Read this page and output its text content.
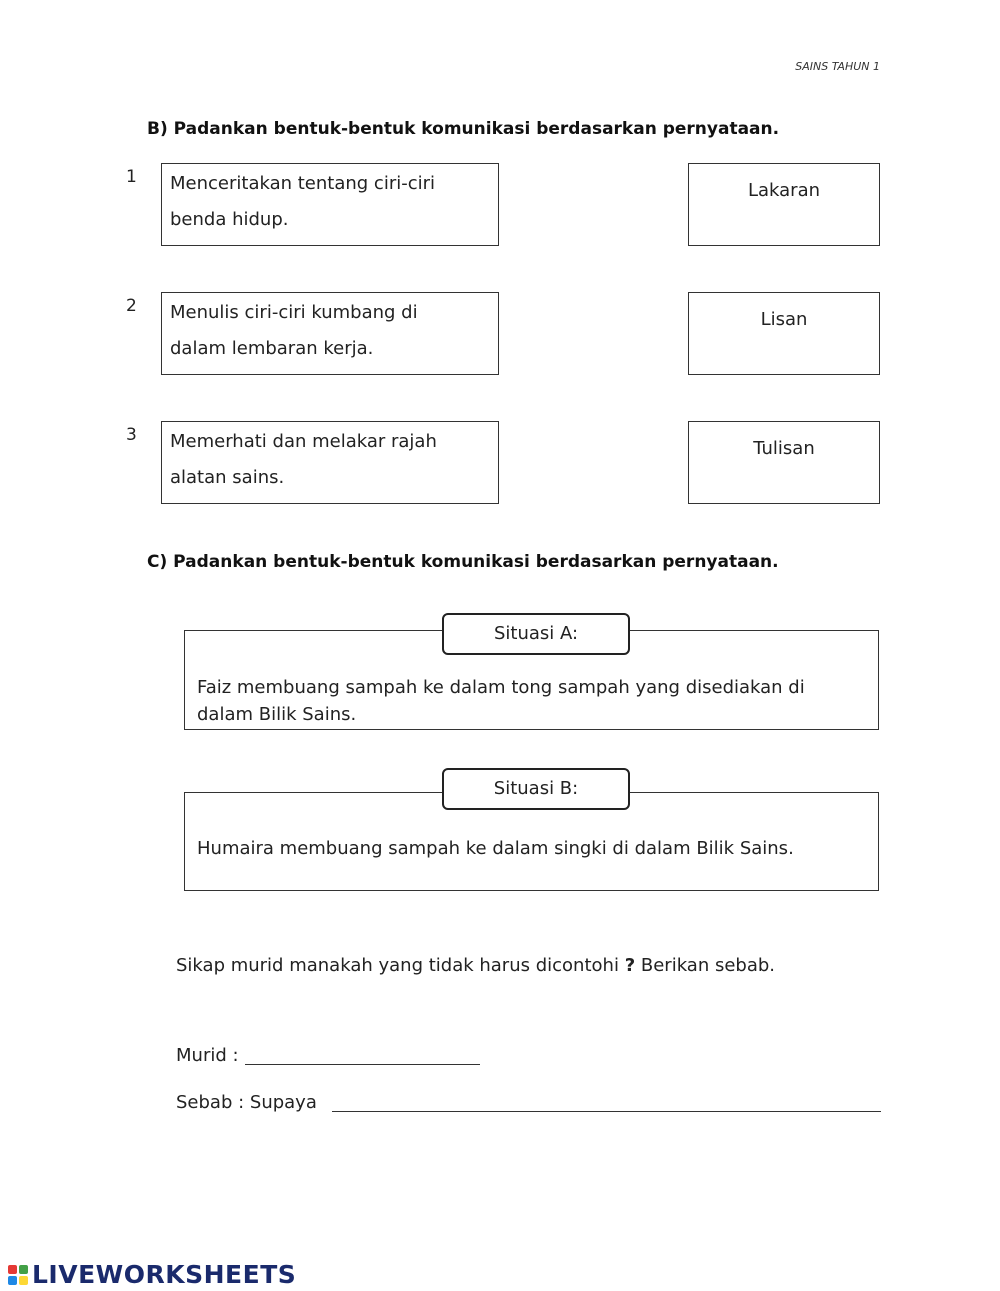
SAINS TAHUN 1
B) Padankan bentuk-bentuk komunikasi berdasarkan pernyataan.
1 Menceritakan tentang ciri-ciri
benda hidup.
Lakaran
2 Menulis ciri-ciri kumbang di
dalam lembaran kerja.
Lisan
3 Memerhati dan melakar rajah
alatan sains.
Tulisan
C) Padankan bentuk-bentuk komunikasi berdasarkan pernyataan.
Faiz membuang sampah ke dalam tong sampah yang disediakan di dalam Bilik Sains.
Situasi A:
Humaira membuang sampah ke dalam singki di dalam Bilik Sains.
Situasi B:
Sikap murid manakah yang tidak harus dicontohi ? Berikan sebab.
Murid :
Sebab : Supaya
LIVEWORKSHEETS
